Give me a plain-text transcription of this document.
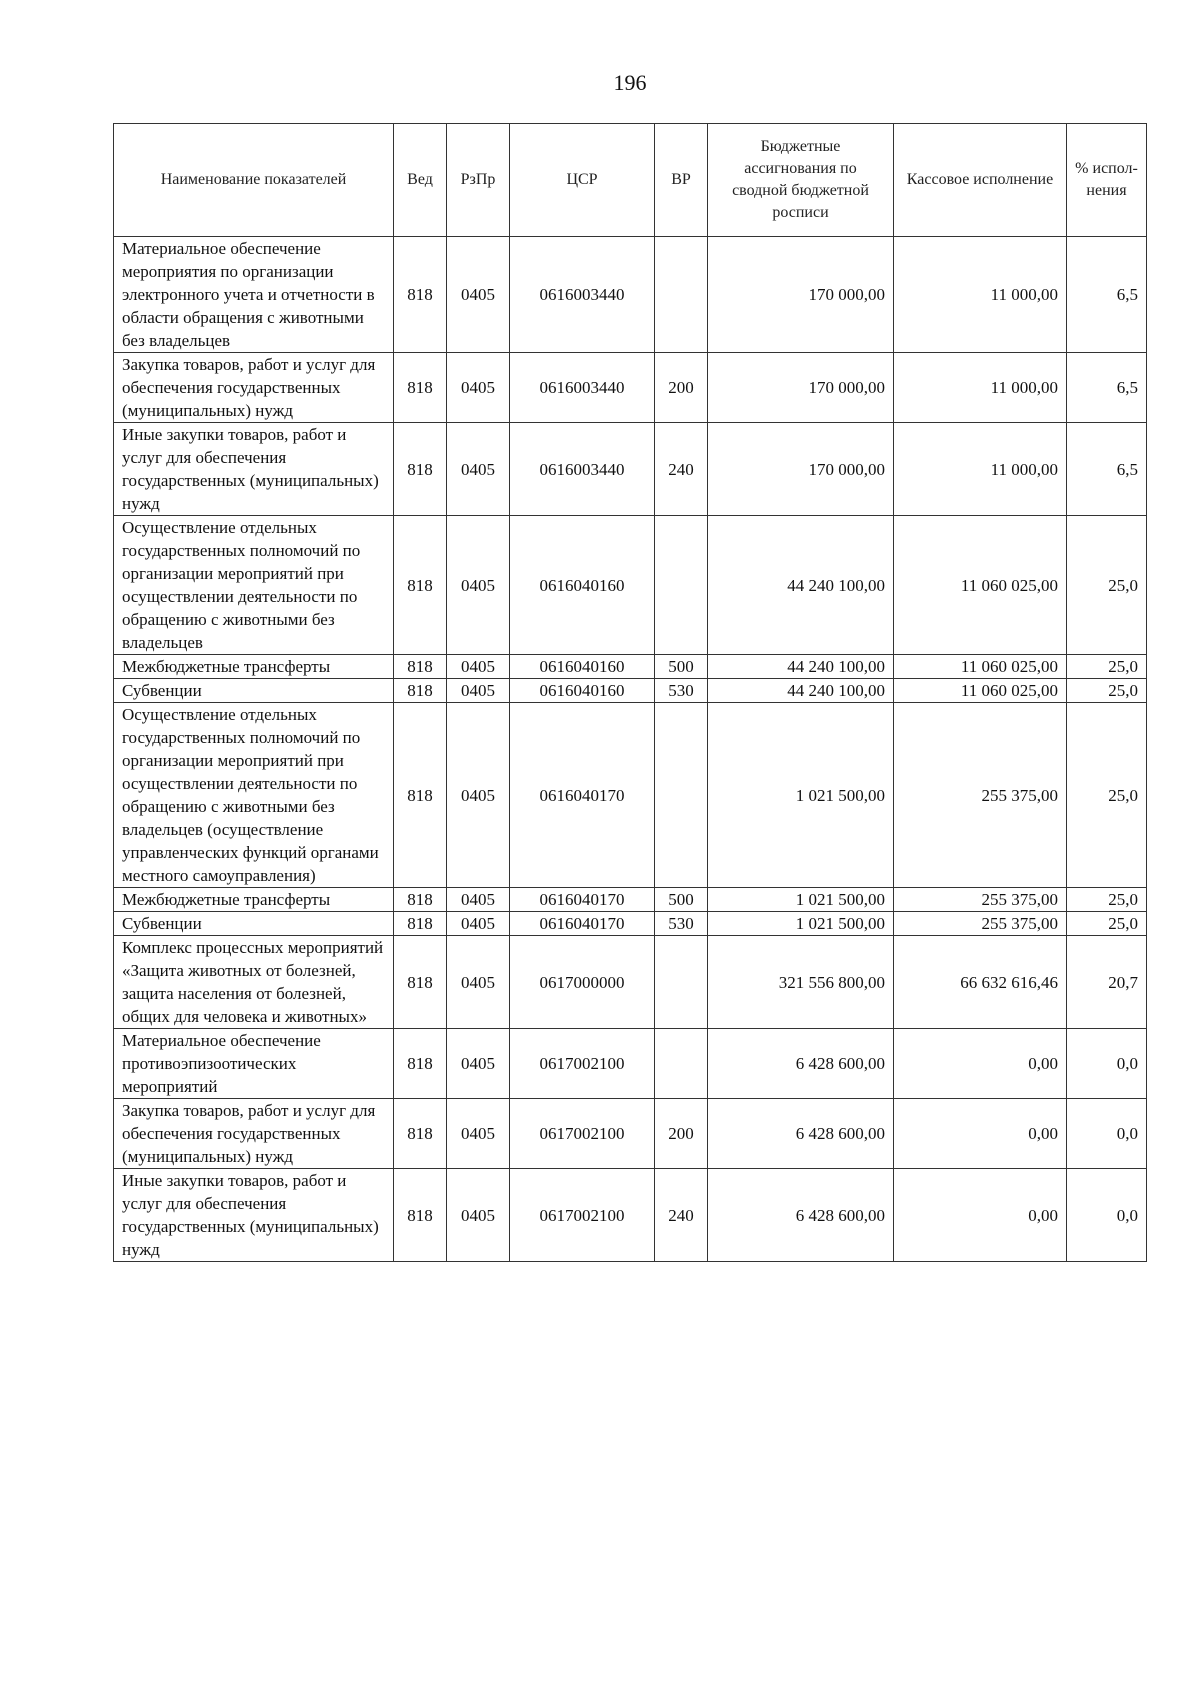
196
Наименование показателей	Вед	РзПр	ЦСР	ВР	Бюджетные ассигнования по сводной бюджетной росписи	Кассовое исполнение	% испол-нения
Материальное обеспечение мероприятия по организации электронного учета и отчетности в области обращения с животными без владельцев	818	0405	0616003440		170 000,00	11 000,00	6,5
Закупка товаров, работ и услуг для обеспечения государственных (муниципальных) нужд	818	0405	0616003440	200	170 000,00	11 000,00	6,5
Иные закупки товаров, работ и услуг для обеспечения государственных (муниципальных) нужд	818	0405	0616003440	240	170 000,00	11 000,00	6,5
Осуществление отдельных государственных полномочий по организации мероприятий при осуществлении деятельности по обращению с животными без владельцев	818	0405	0616040160		44 240 100,00	11 060 025,00	25,0
Межбюджетные трансферты	818	0405	0616040160	500	44 240 100,00	11 060 025,00	25,0
Субвенции	818	0405	0616040160	530	44 240 100,00	11 060 025,00	25,0
Осуществление отдельных государственных полномочий по организации мероприятий при осуществлении деятельности по обращению с животными без владельцев (осуществление управленческих функций органами местного самоуправления)	818	0405	0616040170		1 021 500,00	255 375,00	25,0
Межбюджетные трансферты	818	0405	0616040170	500	1 021 500,00	255 375,00	25,0
Субвенции	818	0405	0616040170	530	1 021 500,00	255 375,00	25,0
Комплекс процессных мероприятий «Защита животных от болезней, защита населения от болезней, общих для человека и животных»	818	0405	0617000000		321 556 800,00	66 632 616,46	20,7
Материальное обеспечение противоэпизоотических мероприятий	818	0405	0617002100		6 428 600,00	0,00	0,0
Закупка товаров, работ и услуг для обеспечения государственных (муниципальных) нужд	818	0405	0617002100	200	6 428 600,00	0,00	0,0
Иные закупки товаров, работ и услуг для обеспечения государственных (муниципальных) нужд	818	0405	0617002100	240	6 428 600,00	0,00	0,0
